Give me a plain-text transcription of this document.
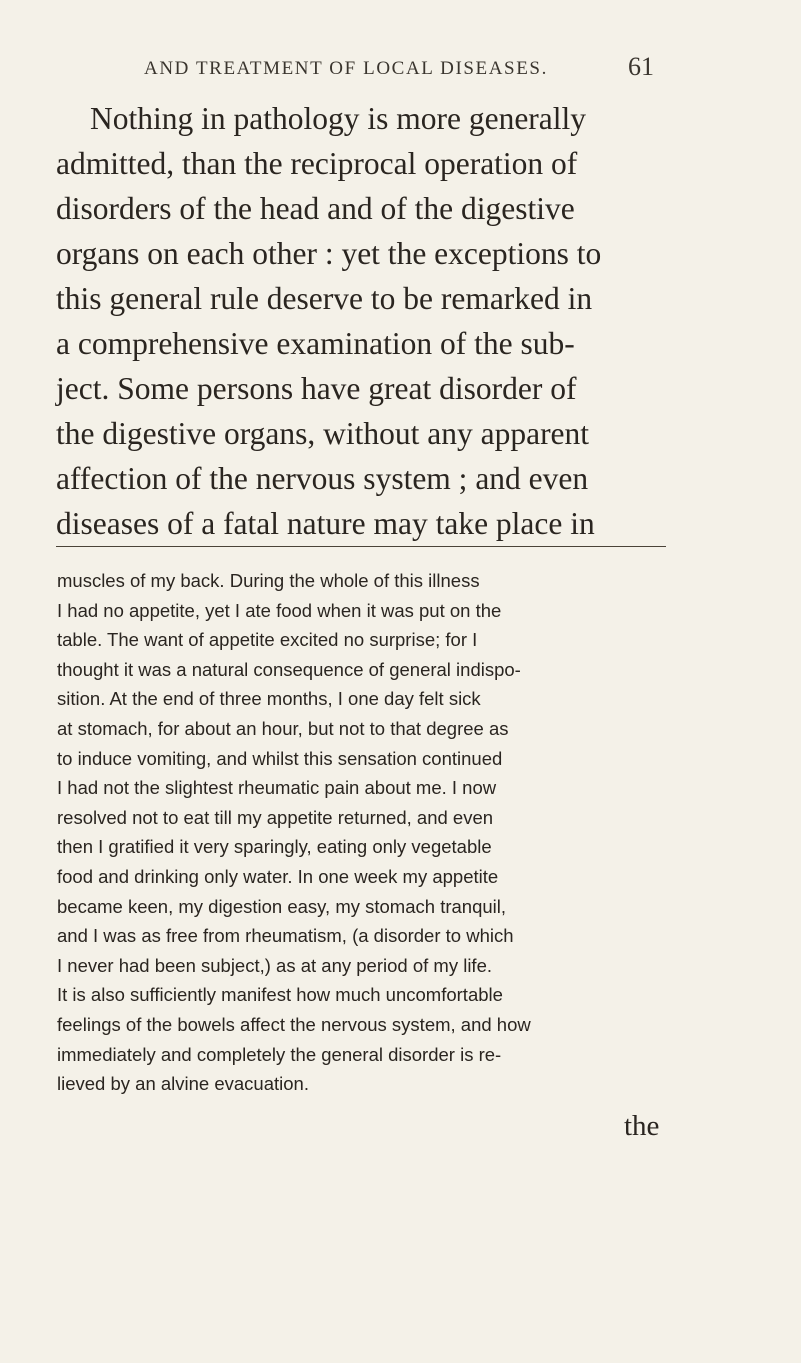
AND TREATMENT OF LOCAL DISEASES.	61
Nothing in pathology is more generally
admitted, than the reciprocal operation of
disorders of the head and of the digestive
organs on each other : yet the exceptions to
this general rule deserve to be remarked in
a comprehensive examination of the sub-
ject. Some persons have great disorder of
the digestive organs, without any apparent
affection of the nervous system ; and even
diseases of a fatal nature may take place in
muscles of my back. During the whole of this illness
I had no appetite, yet I ate food when it was put on the
table. The want of appetite excited no surprise; for I
thought it was a natural consequence of general indispo-
sition. At the end of three months, I one day felt sick
at stomach, for about an hour, but not to that degree as
to induce vomiting, and whilst this sensation continued
I had not the slightest rheumatic pain about me. I now
resolved not to eat till my appetite returned, and even
then I gratified it very sparingly, eating only vegetable
food and drinking only water. In one week my appetite
became keen, my digestion easy, my stomach tranquil,
and I was as free from rheumatism, (a disorder to which
I never had been subject,) as at any period of my life.
It is also sufficiently manifest how much uncomfortable
feelings of the bowels affect the nervous system, and how
immediately and completely the general disorder is re-
lieved by an alvine evacuation.
the
